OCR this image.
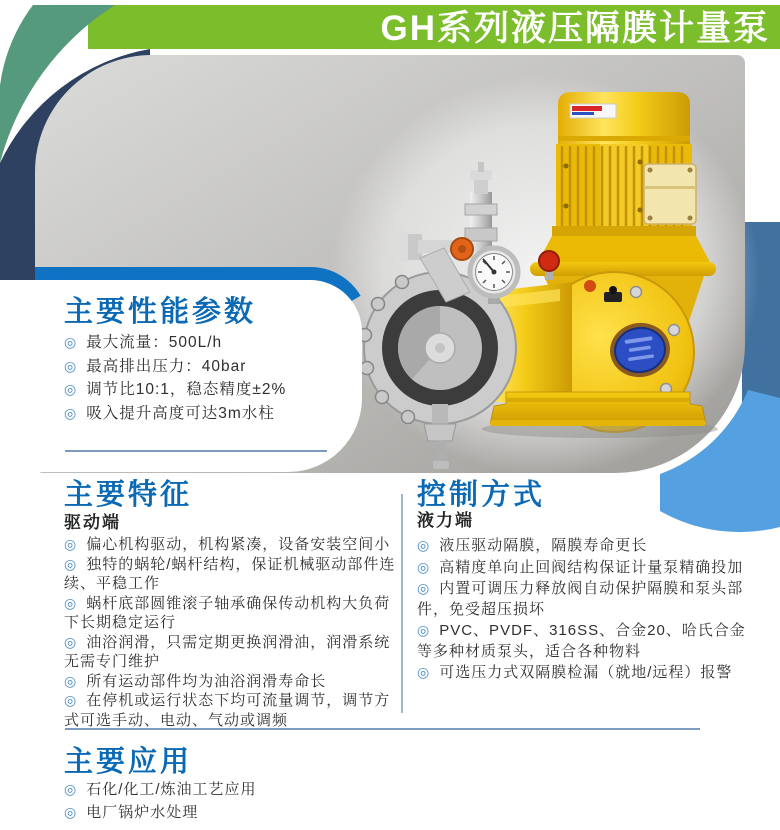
GH系列液压隔膜计量泵
主要性能参数
◎ 最大流量：500L/h
◎ 最高排出压力：40bar
◎ 调节比10:1，稳态精度±2%
◎ 吸入提升高度可达3m水柱
主要特征
驱动端
◎ 偏心机构驱动，机构紧凑，设备安装空间小
◎ 独特的蜗轮/蜗杆结构，保证机械驱动部件连续、平稳工作
◎ 蜗杆底部圆锥滚子轴承确保传动机构大负荷下长期稳定运行
◎ 油浴润滑，只需定期更换润滑油，润滑系统无需专门维护
◎ 所有运动部件均为油浴润滑寿命长
◎ 在停机或运行状态下均可流量调节，调节方式可选手动、电动、气动或调频
控制方式
液力端
◎ 液压驱动隔膜，隔膜寿命更长
◎ 高精度单向止回阀结构保证计量泵精确投加
◎ 内置可调压力释放阀自动保护隔膜和泵头部件，免受超压损坏
◎ PVC、PVDF、316SS、合金20、哈氏合金等多种材质泵头，适合各种物料
◎ 可选压力式双隔膜检漏（就地/远程）报警
主要应用
◎ 石化/化工/炼油工艺应用
◎ 电厂锅炉水处理
